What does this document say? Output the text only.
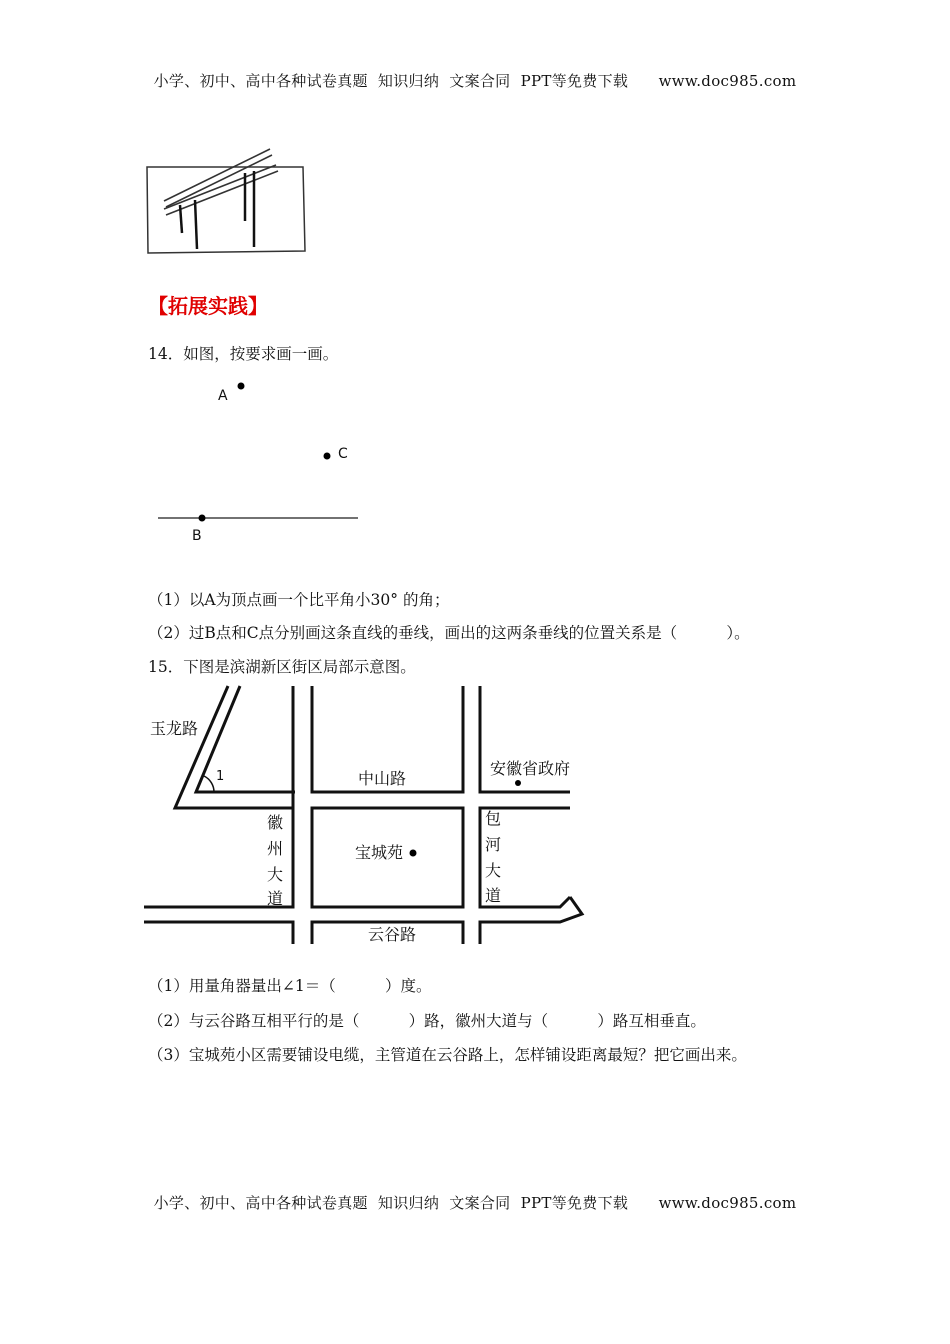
小学、初中、高中各种试卷真题  知识归纳  文案合同  PPT等免费下载      www.doc985.com
【拓展实践】
14．如图，按要求画一画。
A
C
B
（1）以A为顶点画一个比平角小30° 的角；
（2）过B点和C点分别画这条直线的垂线，画出的这两条垂线的位置关系是（          ）。
15．下图是滨湖新区街区局部示意图。
1
玉龙路
中山路
安徽省政府
徽
州
大
道
宝城苑
包
河
大
道
云谷路
（1）用量角器量出∠1＝（          ）度。
（2）与云谷路互相平行的是（          ）路，徽州大道与（          ）路互相垂直。
（3）宝城苑小区需要铺设电缆，主管道在云谷路上，怎样铺设距离最短？把它画出来。
小学、初中、高中各种试卷真题  知识归纳  文案合同  PPT等免费下载      www.doc985.com
